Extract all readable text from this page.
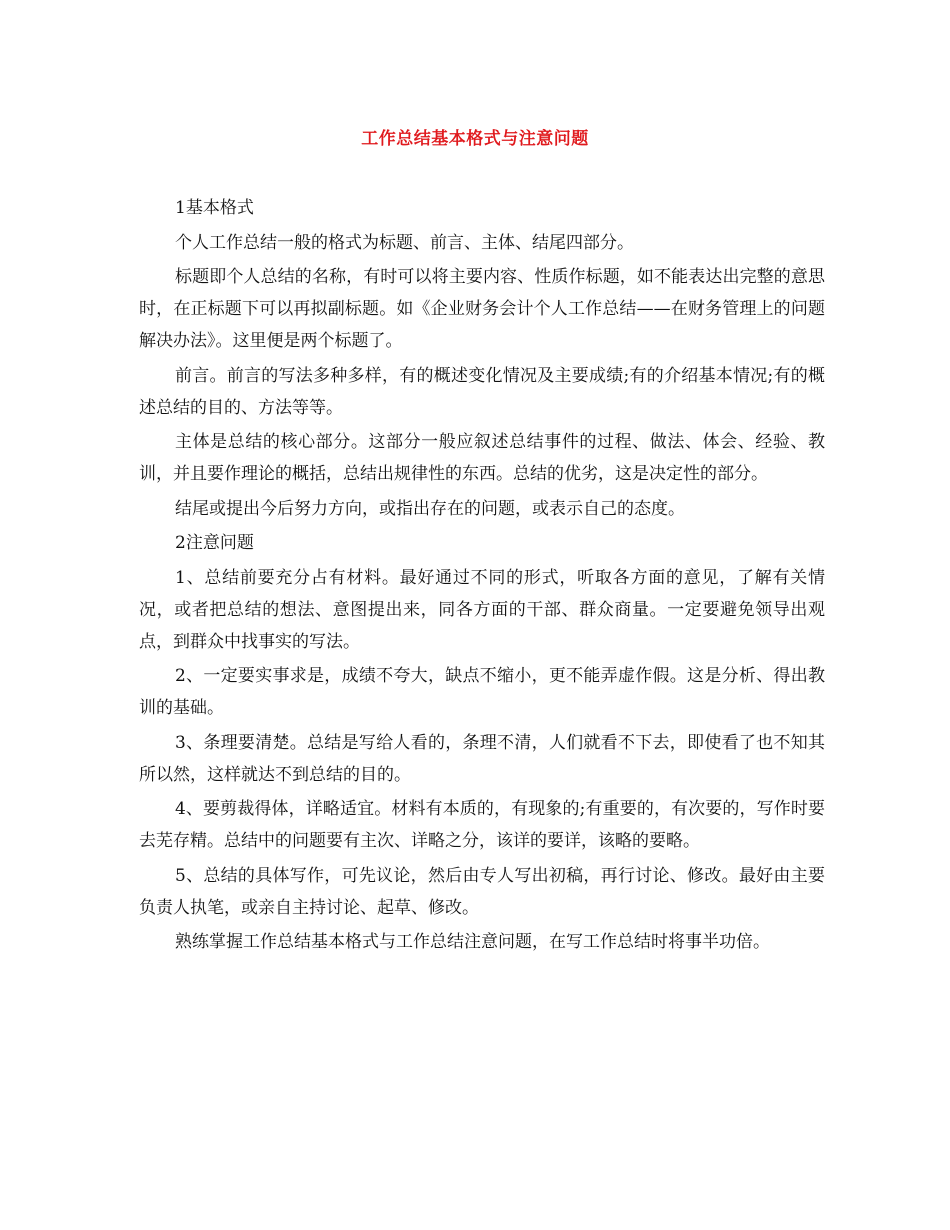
工作总结基本格式与注意问题

1基本格式

个人工作总结一般的格式为标题、前言、主体、结尾四部分。

标题即个人总结的名称，有时可以将主要内容、性质作标题，如不能表达出完整的意思时，在正标题下可以再拟副标题。如《企业财务会计个人工作总结——在财务管理上的问题解决办法》。这里便是两个标题了。

前言。前言的写法多种多样，有的概述变化情况及主要成绩;有的介绍基本情况;有的概述总结的目的、方法等等。

主体是总结的核心部分。这部分一般应叙述总结事件的过程、做法、体会、经验、教训，并且要作理论的概括，总结出规律性的东西。总结的优劣，这是决定性的部分。

结尾或提出今后努力方向，或指出存在的问题，或表示自己的态度。

2注意问题

1、总结前要充分占有材料。最好通过不同的形式，听取各方面的意见，了解有关情况，或者把总结的想法、意图提出来，同各方面的干部、群众商量。一定要避免领导出观点，到群众中找事实的写法。

2、一定要实事求是，成绩不夸大，缺点不缩小，更不能弄虚作假。这是分析、得出教训的基础。

3、条理要清楚。总结是写给人看的，条理不清，人们就看不下去，即使看了也不知其所以然，这样就达不到总结的目的。

4、要剪裁得体，详略适宜。材料有本质的，有现象的;有重要的，有次要的，写作时要去芜存精。总结中的问题要有主次、详略之分，该详的要详，该略的要略。

5、总结的具体写作，可先议论，然后由专人写出初稿，再行讨论、修改。最好由主要负责人执笔，或亲自主持讨论、起草、修改。

熟练掌握工作总结基本格式与工作总结注意问题，在写工作总结时将事半功倍。
